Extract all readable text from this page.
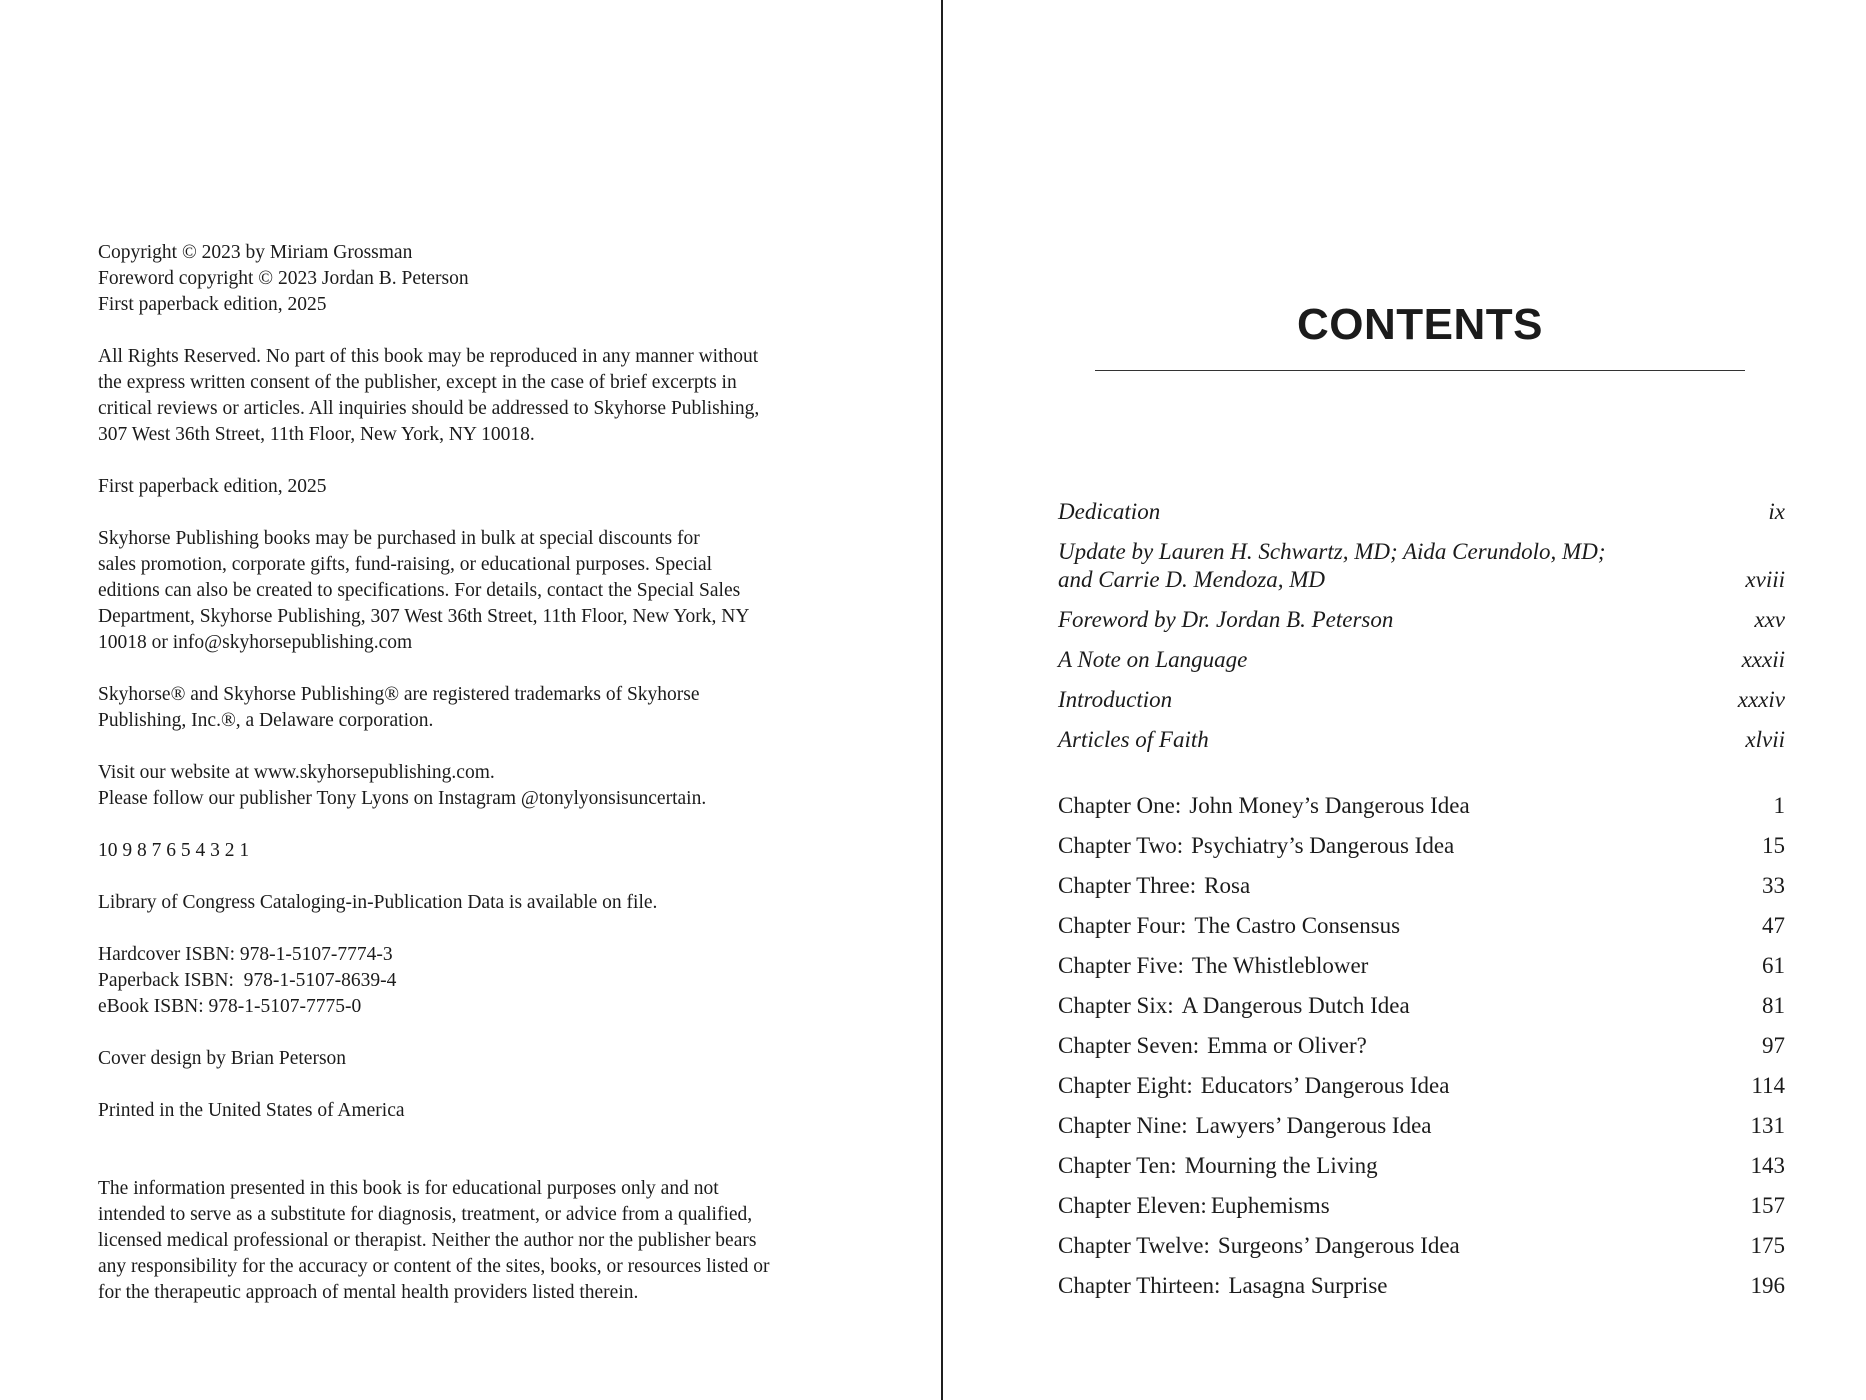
Copyright © 2023 by Miriam Grossman
Foreword copyright © 2023 Jordan B. Peterson
First paperback edition, 2025

All Rights Reserved. No part of this book may be reproduced in any manner without
the express written consent of the publisher, except in the case of brief excerpts in
critical reviews or articles. All inquiries should be addressed to Skyhorse Publishing,
307 West 36th Street, 11th Floor, New York, NY 10018.

First paperback edition, 2025

Skyhorse Publishing books may be purchased in bulk at special discounts for
sales promotion, corporate gifts, fund-raising, or educational purposes. Special
editions can also be created to specifications. For details, contact the Special Sales
Department, Skyhorse Publishing, 307 West 36th Street, 11th Floor, New York, NY
10018 or info@skyhorsepublishing.com

Skyhorse® and Skyhorse Publishing® are registered trademarks of Skyhorse
Publishing, Inc.®, a Delaware corporation.

Visit our website at www.skyhorsepublishing.com.
Please follow our publisher Tony Lyons on Instagram @tonylyonsisuncertain.

10 9 8 7 6 5 4 3 2 1

Library of Congress Cataloging-in-Publication Data is available on file.

Hardcover ISBN: 978-1-5107-7774-3
Paperback ISBN:  978-1-5107-8639-4
eBook ISBN: 978-1-5107-7775-0

Cover design by Brian Peterson

Printed in the United States of America

The information presented in this book is for educational purposes only and not
intended to serve as a substitute for diagnosis, treatment, or advice from a qualified,
licensed medical professional or therapist. Neither the author nor the publisher bears
any responsibility for the accuracy or content of the sites, books, or resources listed or
for the therapeutic approach of mental health providers listed therein.

CONTENTS
Dedication	ix
Update by Lauren H. Schwartz, MD; Aida Cerundolo, MD; and Carrie D. Mendoza, MD	xviii
Foreword by Dr. Jordan B. Peterson	xxv
A Note on Language	xxxii
Introduction	xxxiv
Articles of Faith	xlvii
Chapter One: John Money’s Dangerous Idea	1
Chapter Two: Psychiatry’s Dangerous Idea	15
Chapter Three: Rosa	33
Chapter Four: The Castro Consensus	47
Chapter Five: The Whistleblower	61
Chapter Six: A Dangerous Dutch Idea	81
Chapter Seven: Emma or Oliver?	97
Chapter Eight: Educators’ Dangerous Idea	114
Chapter Nine: Lawyers’ Dangerous Idea	131
Chapter Ten: Mourning the Living	143
Chapter Eleven: Euphemisms	157
Chapter Twelve: Surgeons’ Dangerous Idea	175
Chapter Thirteen: Lasagna Surprise	196
